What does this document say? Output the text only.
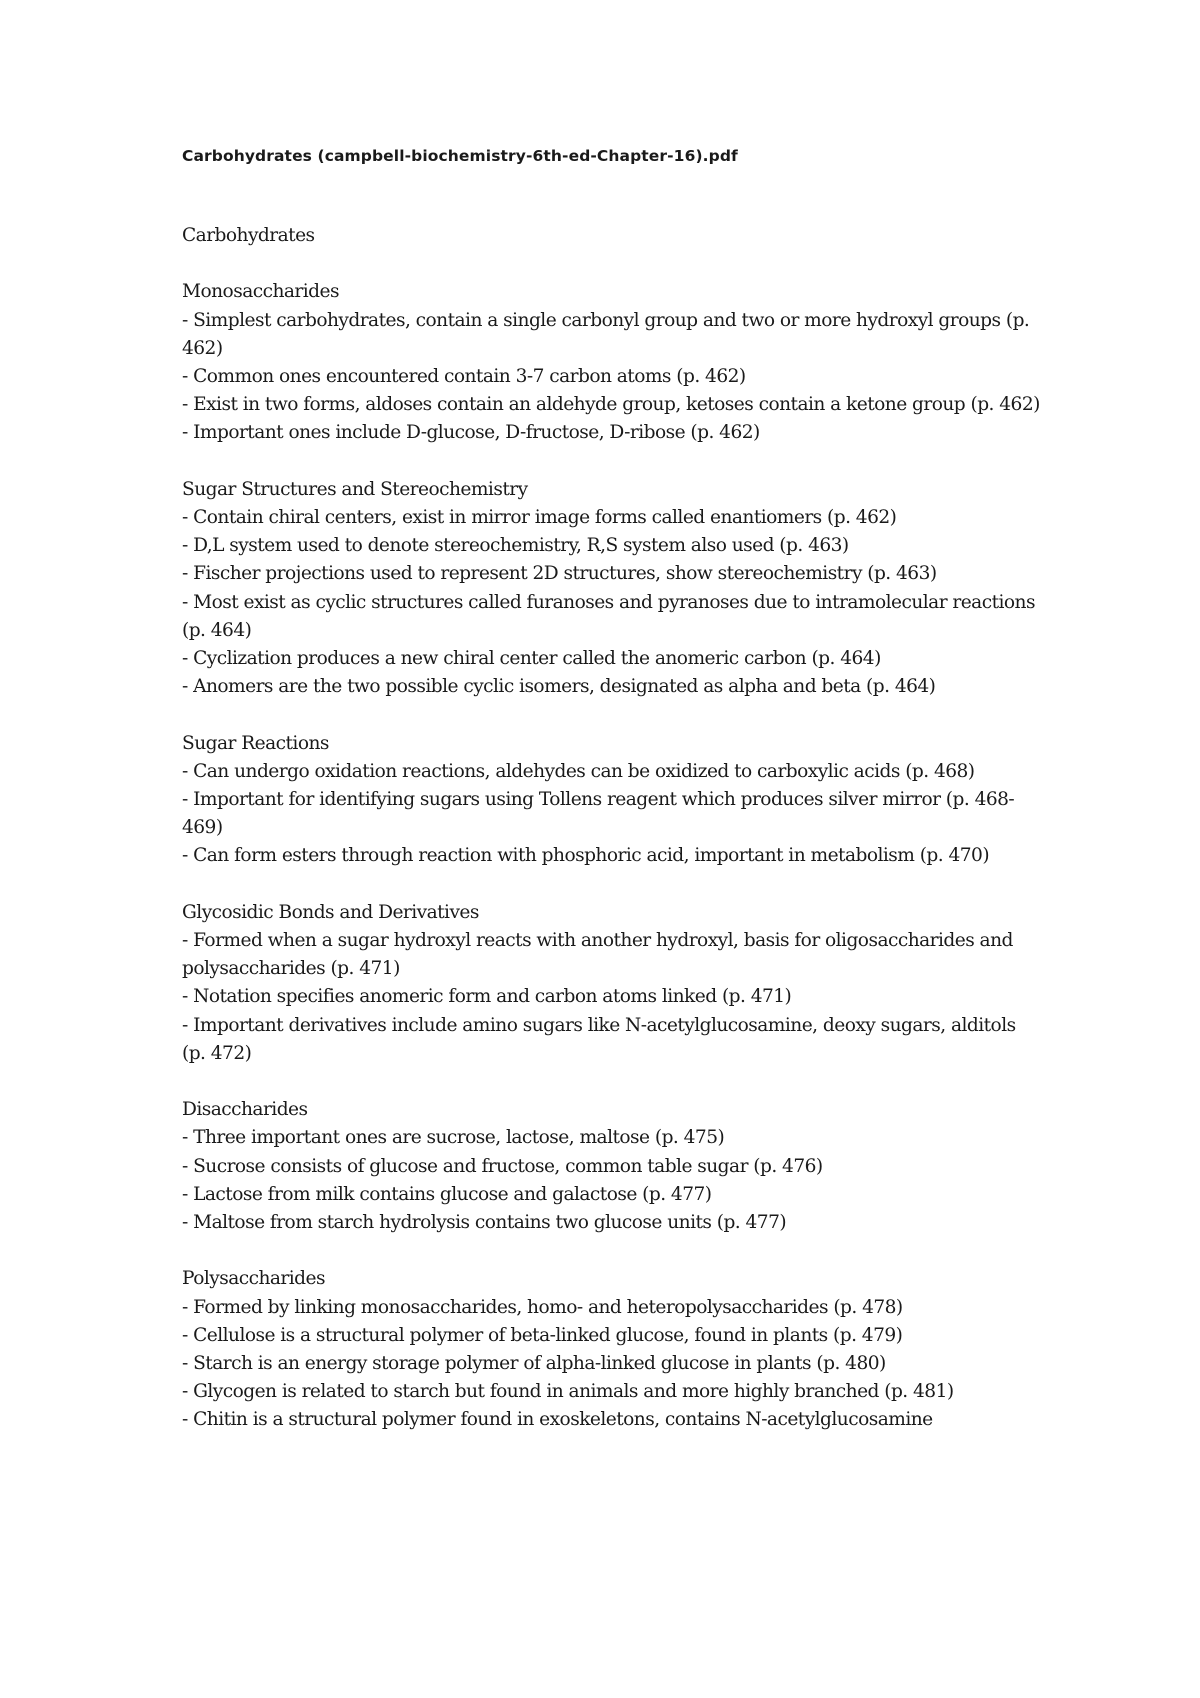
Carbohydrates (campbell-biochemistry-6th-ed-Chapter-16).pdf

Carbohydrates

Monosaccharides

- Simplest carbohydrates, contain a single carbonyl group and two or more hydroxyl groups (p. 462)

- Common ones encountered contain 3-7 carbon atoms (p. 462)

- Exist in two forms, aldoses contain an aldehyde group, ketoses contain a ketone group (p. 462)

- Important ones include D-glucose, D-fructose, D-ribose (p. 462)

Sugar Structures and Stereochemistry

- Contain chiral centers, exist in mirror image forms called enantiomers (p. 462)

- D,L system used to denote stereochemistry, R,S system also used (p. 463)

- Fischer projections used to represent 2D structures, show stereochemistry (p. 463)

- Most exist as cyclic structures called furanoses and pyranoses due to intramolecular reactions (p. 464)

- Cyclization produces a new chiral center called the anomeric carbon (p. 464)

- Anomers are the two possible cyclic isomers, designated as alpha and beta (p. 464)

Sugar Reactions

- Can undergo oxidation reactions, aldehydes can be oxidized to carboxylic acids (p. 468)

- Important for identifying sugars using Tollens reagent which produces silver mirror (p. 468-469)

- Can form esters through reaction with phosphoric acid, important in metabolism (p. 470)

Glycosidic Bonds and Derivatives

- Formed when a sugar hydroxyl reacts with another hydroxyl, basis for oligosaccharides and polysaccharides (p. 471)

- Notation specifies anomeric form and carbon atoms linked (p. 471)

- Important derivatives include amino sugars like N-acetylglucosamine, deoxy sugars, alditols (p. 472)

Disaccharides

- Three important ones are sucrose, lactose, maltose (p. 475)

- Sucrose consists of glucose and fructose, common table sugar (p. 476)

- Lactose from milk contains glucose and galactose (p. 477)

- Maltose from starch hydrolysis contains two glucose units (p. 477)

Polysaccharides

- Formed by linking monosaccharides, homo- and heteropolysaccharides (p. 478)

- Cellulose is a structural polymer of beta-linked glucose, found in plants (p. 479)

- Starch is an energy storage polymer of alpha-linked glucose in plants (p. 480)

- Glycogen is related to starch but found in animals and more highly branched (p. 481)

- Chitin is a structural polymer found in exoskeletons, contains N-acetylglucosamine
